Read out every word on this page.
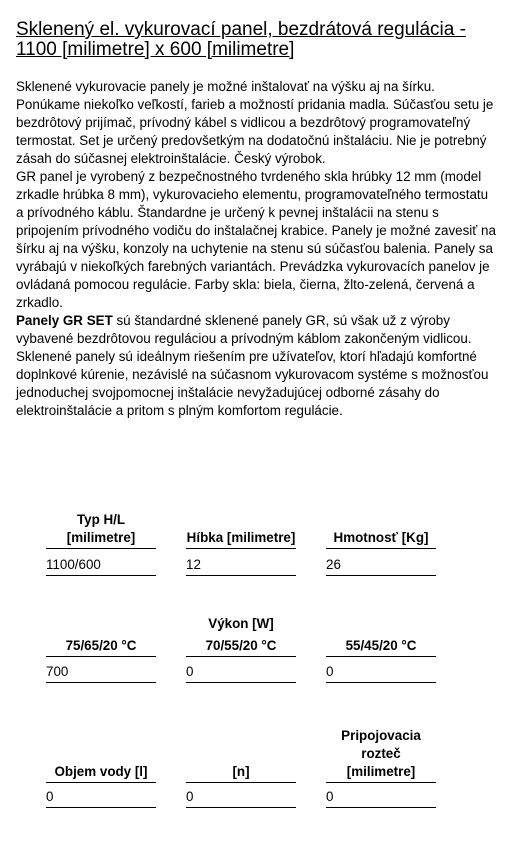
Sklenený el. vykurovací panel, bezdrátová regulácia - 1100 [milimetre] x 600 [milimetre]

Sklenené vykurovacie panely je možné inštalovať na výšku aj na šírku. Ponúkame niekoľko veľkostí, farieb a možností pridania madla. Súčasťou setu je bezdrôtový prijímač, prívodný kábel s vidlicou a bezdrôtový programovateľný termostat. Set je určený predovšetkým na dodatočnú inštaláciu. Nie je potrebný zásah do súčasnej elektroinštalácie. Český výrobok.

GR panel je vyrobený z bezpečnostného tvrdeného skla hrúbky 12 mm (model zrkadle hrúbka 8 mm), vykurovacieho elementu, programovateľného termostatu a prívodného káblu. Štandardne je určený k pevnej inštalácii na stenu s pripojením prívodného vodiču do inštalačnej krabice. Panely je možné zavesiť na šírku aj na výšku, konzoly na uchytenie na stenu sú súčasťou balenia. Panely sa vyrábajú v niekoľkých farebných variantách. Prevádzka vykurovacích panelov je ovládaná pomocou regulácie. Farby skla: biela, čierna, žlto-zelená, červená a zrkadlo.

Panely GR SET sú štandardné sklenené panely GR, sú však už z výroby vybavené bezdrôtovou reguláciou a prívodným káblom zakončeným vidlicou. Sklenené panely sú ideálnym riešením pre užívateľov, ktorí hľadajú komfortné doplnkové kúrenie, nezávislé na súčasnom vykurovacom systéme s možnosťou jednoduchej svojpomocnej inštalácie nevyžadujúcej odborné zásahy do elektroinštalácie a pritom s plným komfortom regulácie.

Typ H/L [milimetre]
1100/600
Híbka [milimetre]
12
Hmotnosť [Kg]
26
Výkon [W]
75/65/20 °C
700
70/55/20 °C
0
55/45/20 °C
0
Objem vody [l]
0
[n]
0
Pripojovacia rozteč [milimetre]
0
